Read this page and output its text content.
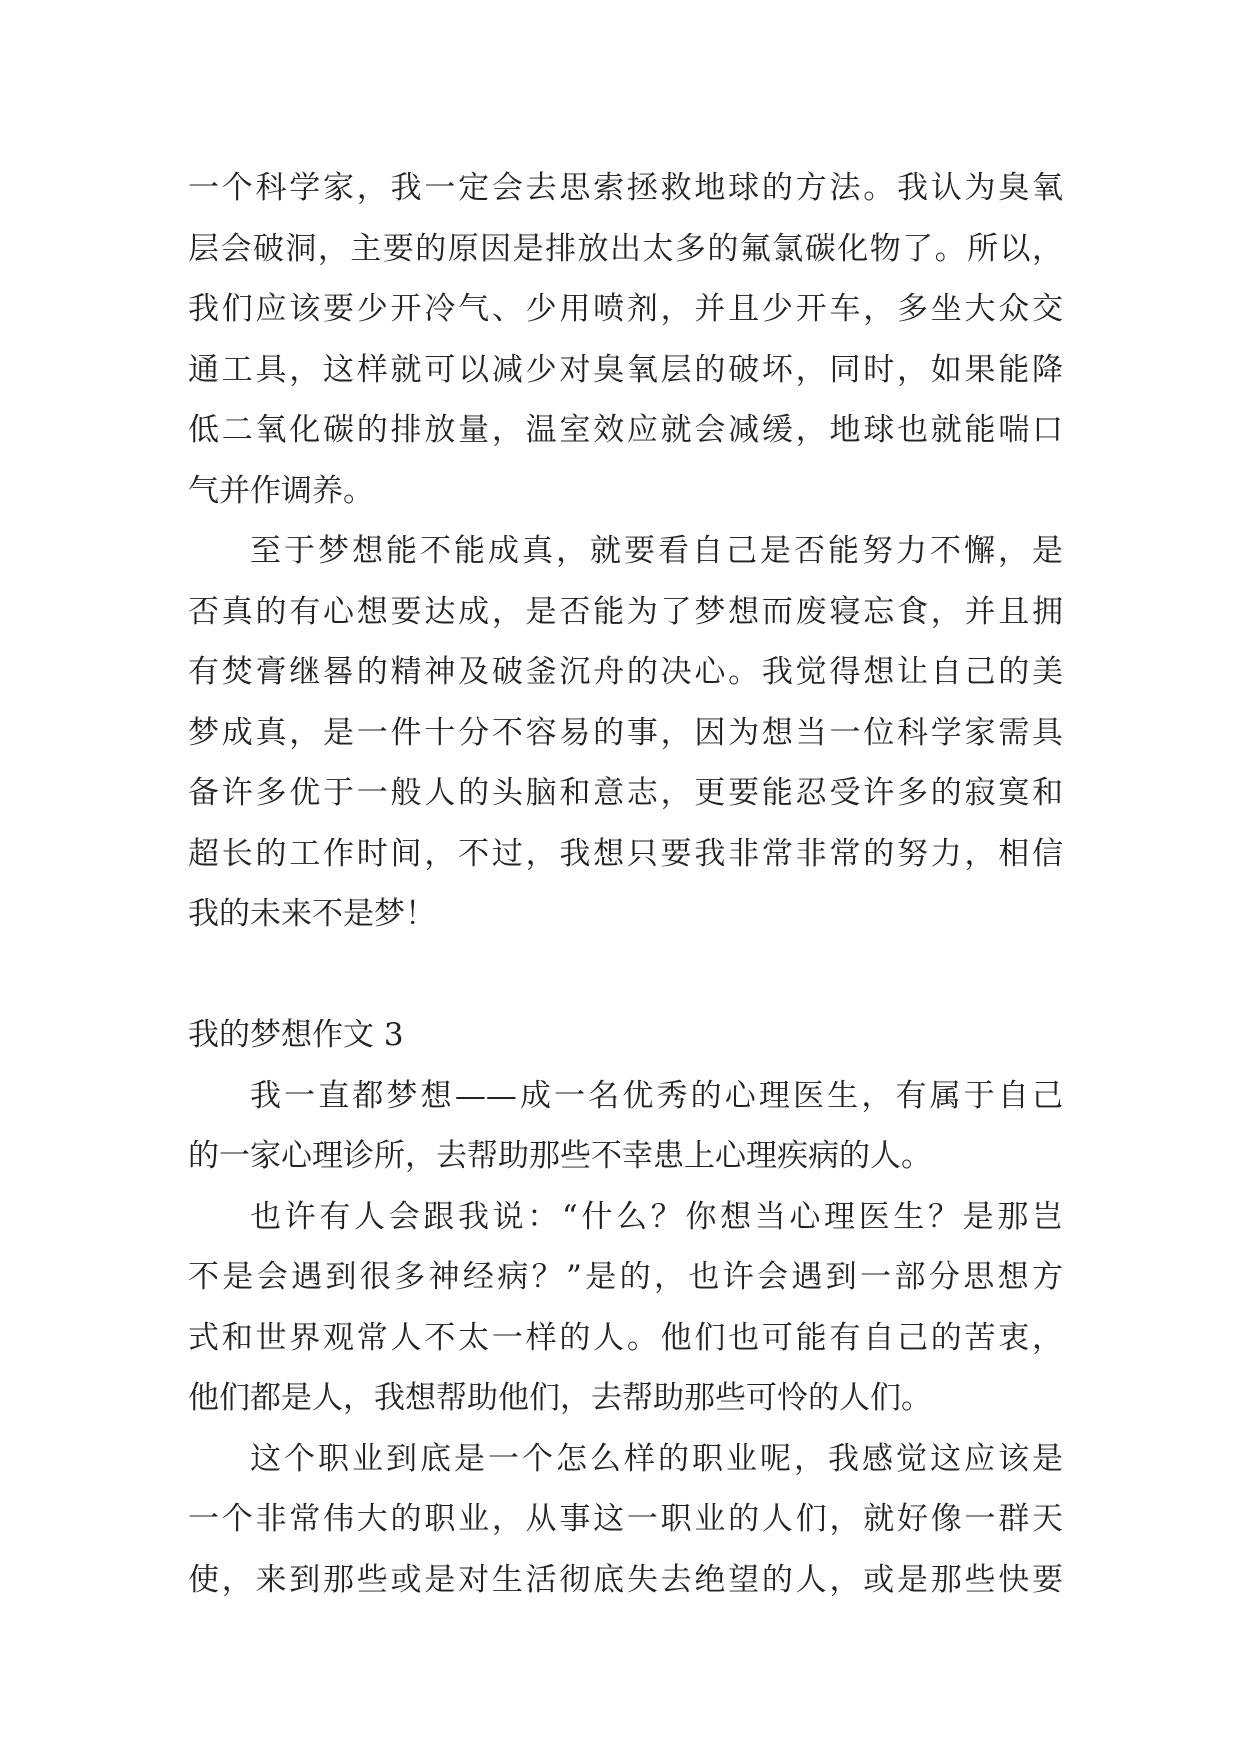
一个科学家，我一定会去思索拯救地球的方法。我认为臭氧
层会破洞，主要的原因是排放出太多的氟氯碳化物了。所以，
我们应该要少开冷气、少用喷剂，并且少开车，多坐大众交
通工具，这样就可以减少对臭氧层的破坏，同时，如果能降
低二氧化碳的排放量，温室效应就会减缓，地球也就能喘口
气并作调养。
至于梦想能不能成真，就要看自己是否能努力不懈，是
否真的有心想要达成，是否能为了梦想而废寝忘食，并且拥
有焚膏继晷的精神及破釜沉舟的决心。我觉得想让自己的美
梦成真，是一件十分不容易的事，因为想当一位科学家需具
备许多优于一般人的头脑和意志，更要能忍受许多的寂寞和
超长的工作时间，不过，我想只要我非常非常的努力，相信
我的未来不是梦！
我的梦想作文 3
我一直都梦想——成一名优秀的心理医生，有属于自己
的一家心理诊所，去帮助那些不幸患上心理疾病的人。
也许有人会跟我说：“什么？你想当心理医生？是那岂
不是会遇到很多神经病？”是的，也许会遇到一部分思想方
式和世界观常人不太一样的人。他们也可能有自己的苦衷，
他们都是人，我想帮助他们，去帮助那些可怜的人们。
这个职业到底是一个怎么样的职业呢，我感觉这应该是
一个非常伟大的职业，从事这一职业的人们，就好像一群天
使，来到那些或是对生活彻底失去绝望的人，或是那些快要
